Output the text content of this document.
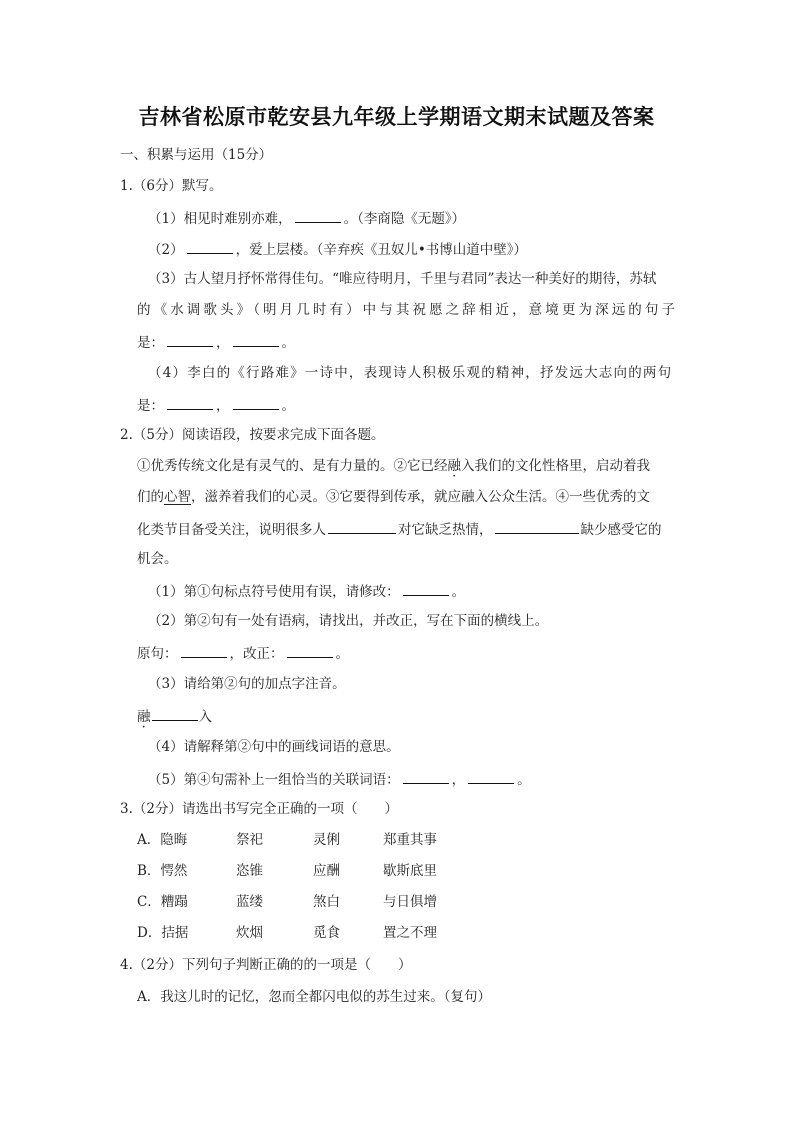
吉林省松原市乾安县九年级上学期语文期末试题及答案
一、积累与运用（15分）
1.（6分）默写。
（1）相见时难别亦难，	。（李商隐《无题》）
（2）	，爱上层楼。（辛弃疾《丑奴儿•书博山道中壁》）
（3）古人望月抒怀常得佳句。“唯应待明月，千里与君同”表达一种美好的期待，苏轼
的《水调歌头》（明月几时有）中与其祝愿之辞相近，意境更为深远的句子
是：	，	。
（4）李白的《行路难》一诗中，表现诗人积极乐观的精神，抒发远大志向的两句
是：	，	。
2.（5分）阅读语段，按要求完成下面各题。
①优秀传统文化是有灵气的、是有力量的。②它已经融入我们的文化性格里，启动着我
们的心智，滋养着我们的心灵。③它要得到传承，就应融入公众生活。④一些优秀的文
化类节目备受关注，说明很多人	对它缺乏热情，	缺少感受它的
机会。
（1）第①句标点符号使用有误，请修改：	。
（2）第②句有一处有语病，请找出，并改正，写在下面的横线上。
原句：	，改正：	。
（3）请给第②句的加点字注音。
融	入
（4）请解释第②句中的画线词语的意思。
（5）第④句需补上一组恰当的关联词语：	，	。
3.（2分）请选出书写完全正确的一项（　　）
A．隐晦	祭祀	灵俐	郑重其事
B．愕然	恣锥	应酬	歇斯底里
C．糟蹋	蓝缕	煞白	与日俱增
D．拮据	炊烟	觅食	置之不理
4.（2分）下列句子判断正确的的一项是（　　）
A．我这儿时的记忆，忽而全都闪电似的苏生过来。（复句）
